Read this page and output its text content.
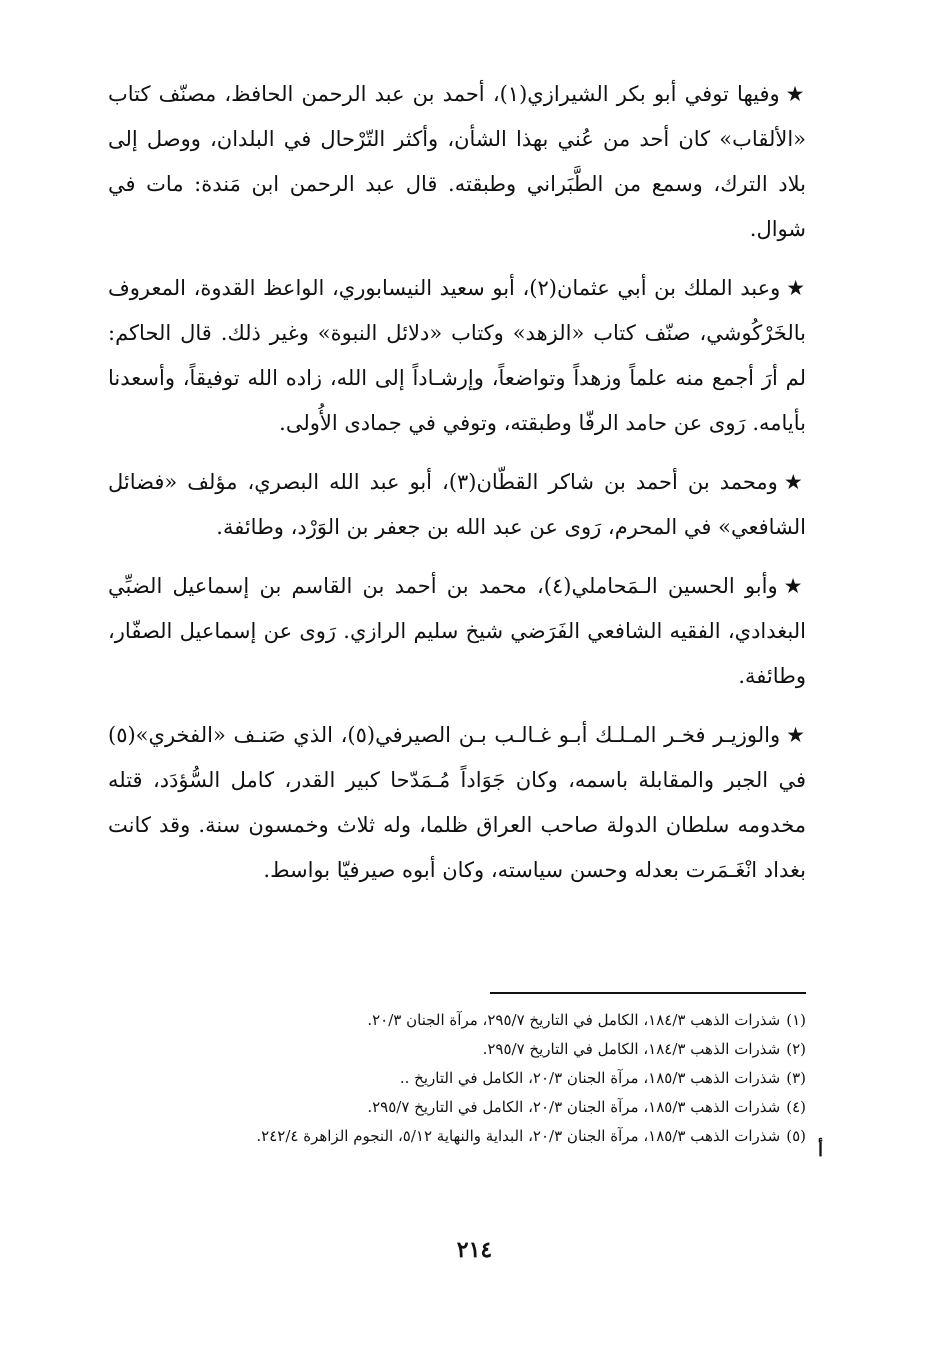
★وفيها توفي أبو بكر الشيرازي(١)، أحمد بن عبد الرحمن الحافظ، مصنّف كتاب «الألقاب» كان أحد من عُني بهذا الشأن، وأكثر التّرْحال في البلدان، ووصل إلى بلاد الترك، وسمع من الطَّبَراني وطبقته. قال عبد الرحمن ابن مَندة: مات في شوال.

★وعبد الملك بن أبي عثمان(٢)، أبو سعيد النيسابوري، الواعظ القدوة، المعروف بالخَرْكُوشي، صنّف كتاب «الزهد» وكتاب «دلائل النبوة» وغير ذلك. قال الحاكم: لم أرَ أجمع منه علماً وزهداً وتواضعاً، وإرشـاداً إلى الله، زاده الله توفيقاً، وأسعدنا بأيامه. رَوى عن حامد الرفّا وطبقته، وتوفي في جمادى الأُولى.

★ومحمد بن أحمد بن شاكر القطّان(٣)، أبو عبد الله البصري، مؤلف «فضائل الشافعي» في المحرم، رَوى عن عبد الله بن جعفر بن الوَرْد، وطائفة.

★وأبو الحسين الـمَحاملي(٤)، محمد بن أحمد بن القاسم بن إسماعيل الضبِّي البغدادي، الفقيه الشافعي الفَرَضي شيخ سليم الرازي. رَوى عن إسماعيل الصفّار، وطائفة.

★والوزيـر فخـر المـلـك أبـو غـالـب بـن الصيرفي(٥)، الذي صَنـف «الفخري»(٥) في الجبر والمقابلة باسمه، وكان جَوَاداً مُـمَدّحا كبير القدر، كامل السُّؤدَد، قتله مخدومه سلطان الدولة صاحب العراق ظلما، وله ثلاث وخمسون سنة. وقد كانت بغداد انْغَـمَرت بعدله وحسن سياسته، وكان أبوه صيرفيّا بواسط.

(١)شذرات الذهب ١٨٤/٣، الكامل في التاريخ ٢٩٥/٧، مرآة الجنان ٢٠/٣.

(٢)شذرات الذهب ١٨٤/٣، الكامل في التاريخ ٢٩٥/٧.

(٣)شذرات الذهب ١٨٥/٣، مرآة الجنان ٢٠/٣، الكامل في التاريخ ..

(٤)شذرات الذهب ١٨٥/٣، مرآة الجنان ٢٠/٣، الكامل في التاريخ ٢٩٥/٧.

(٥)شذرات الذهب ١٨٥/٣، مرآة الجنان ٢٠/٣، البداية والنهاية ٥/١٢، النجوم الزاهرة ٢٤٢/٤.

أ
٢١٤
